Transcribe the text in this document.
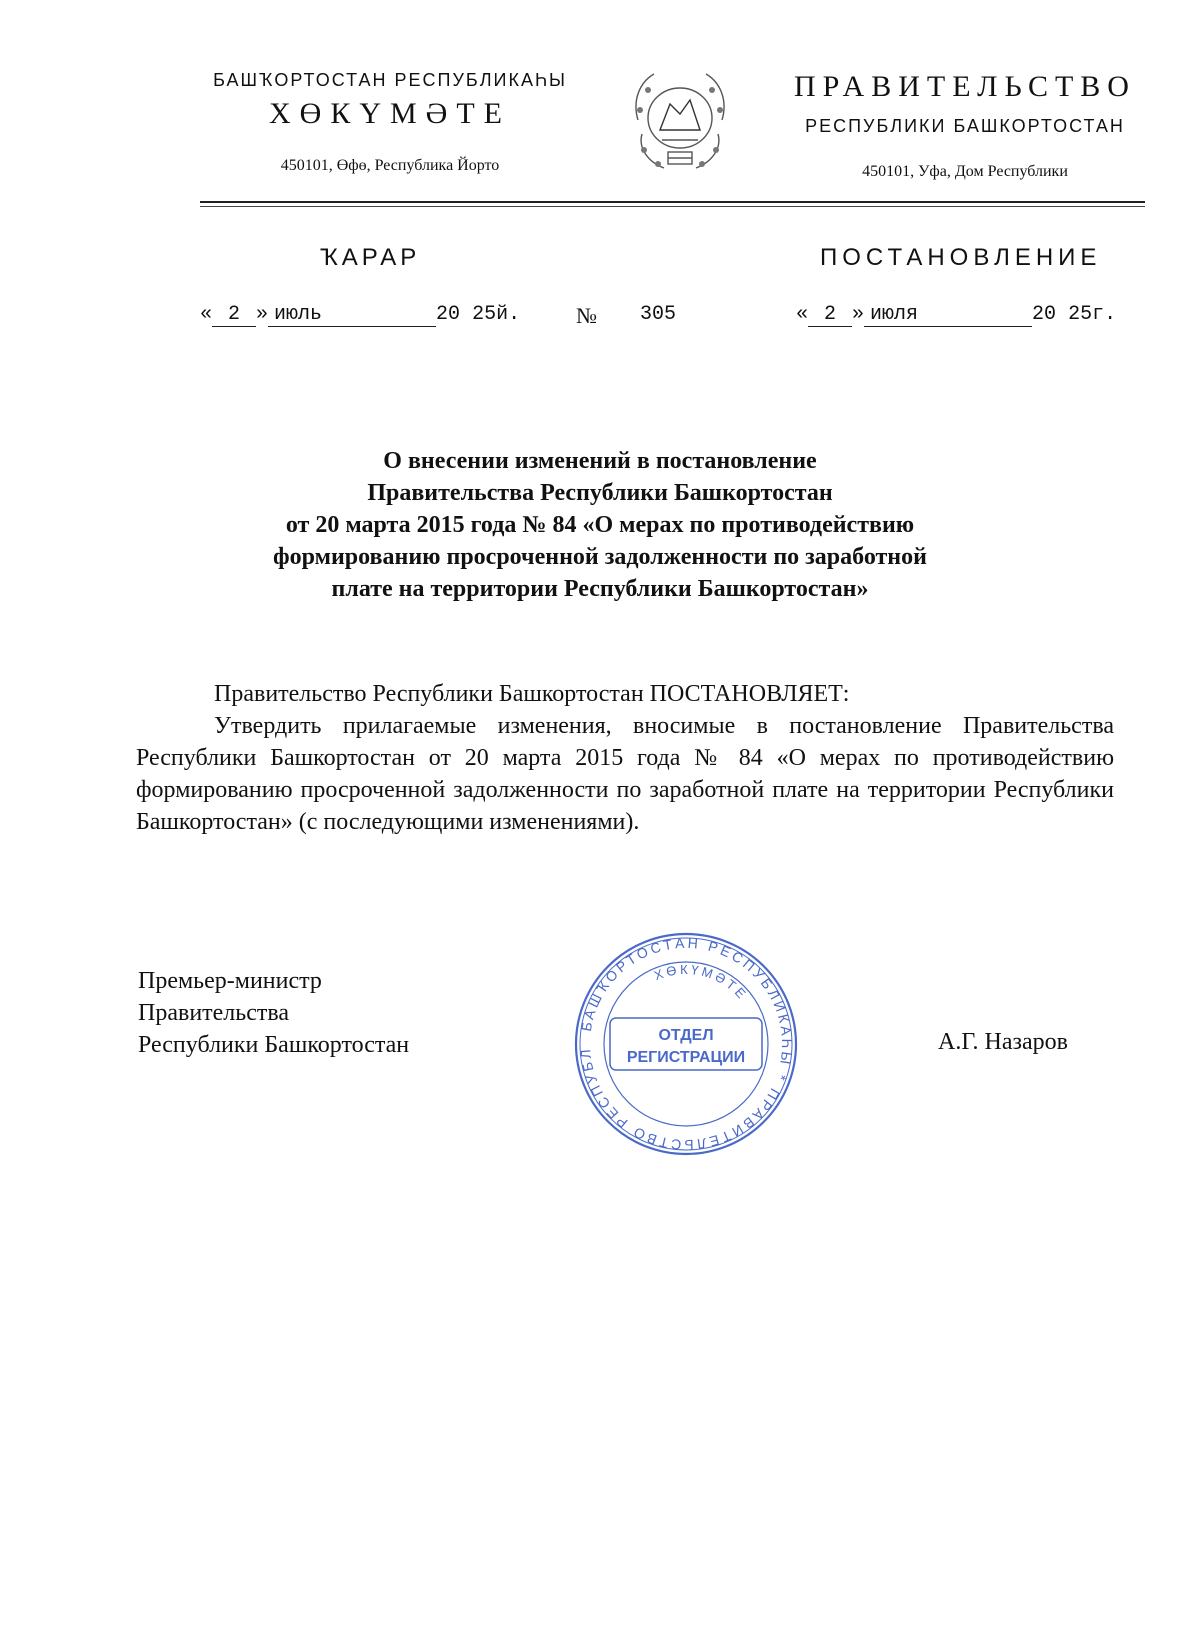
БАШҠОРТОСТАН РЕСПУБЛИКАҺЫ
ХӨКҮМӘТЕ
450101, Өфө, Республика Йорто
ПРАВИТЕЛЬСТВО
РЕСПУБЛИКИ БАШКОРТОСТАН
450101, Уфа, Дом Республики
ҠАРАР	ПОСТАНОВЛЕНИЕ
« 2 » июль	20 25й.	№ 305	« 2 » июля	20 25г.
О внесении изменений в постановление
Правительства Республики Башкортостан
от 20 марта 2015 года № 84 «О мерах по противодействию
формированию просроченной задолженности по заработной
плате на территории Республики Башкортостан»

Правительство Республики Башкортостан ПОСТАНОВЛЯЕТ:

Утвердить прилагаемые изменения, вносимые в постановление Правительства Республики Башкортостан от 20 марта 2015 года № 84 «О мерах по противодействию формированию просроченной задолженности по заработной плате на территории Республики Башкортостан» (с последующими изменениями).

Премьер-министр
Правительства
Республики Башкортостан	А.Г. Назаров
БАШҠОРТОСТАН РЕСПУБЛИКАҺЫ * ПРАВИТЕЛЬСТВО РЕСПУБЛ
ХӨКҮМӘТЕ
ОТДЕЛ
РЕГИСТРАЦИИ
